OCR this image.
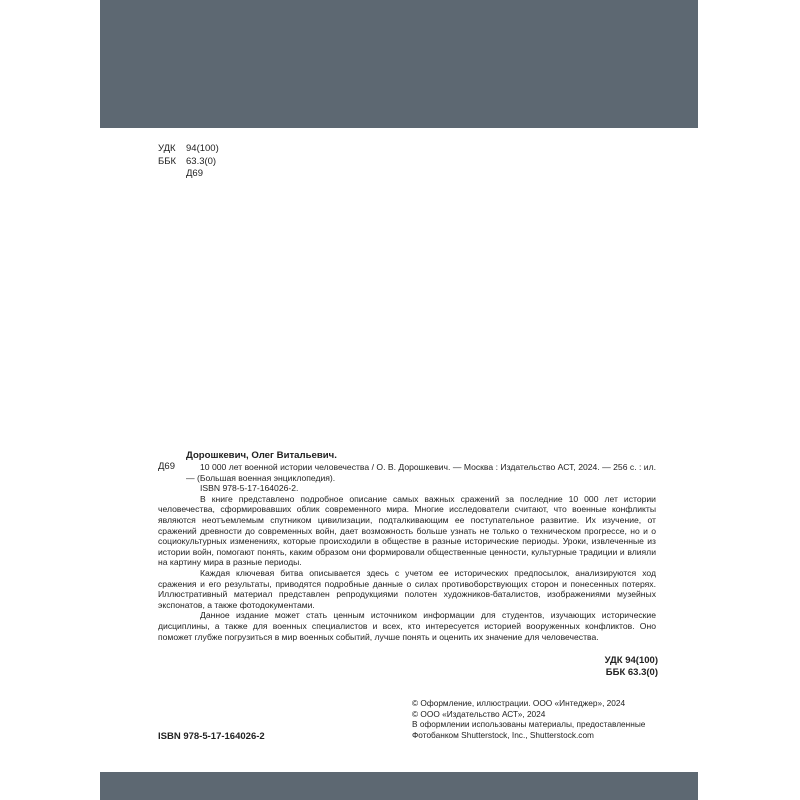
УДК	94(100)
ББК	63.3(0)
Д69
Дорошкевич, Олег Витальевич.
Д69	10 000 лет военной истории человечества / О. В. Дорошкевич. — Москва : Издательство АСТ, 2024. — 256 с. : ил. — (Большая военная энциклопедия).
ISBN 978-5-17-164026-2.
В книге представлено подробное описание самых важных сражений за последние 10 000 лет истории человечества, сформировавших облик современного мира. Многие исследователи считают, что военные конфликты являются неотъемлемым спутником цивилизации, подталкивающим ее поступательное развитие. Их изучение, от сражений древности до современных войн, дает возможность больше узнать не только о техническом прогрессе, но и о социокультурных изменениях, которые происходили в обществе в разные исторические периоды. Уроки, извлеченные из истории войн, помогают понять, каким образом они формировали общественные ценности, культурные традиции и влияли на картину мира в разные периоды.
Каждая ключевая битва описывается здесь с учетом ее исторических предпосылок, анализируются ход сражения и его результаты, приводятся подробные данные о силах противоборствующих сторон и понесенных потерях. Иллюстративный материал представлен репродукциями полотен художников-баталистов, изображениями музейных экспонатов, а также фотодокументами.
Данное издание может стать ценным источником информации для студентов, изучающих исторические дисциплины, а также для военных специалистов и всех, кто интересуется историей вооруженных конфликтов. Оно поможет глубже погрузиться в мир военных событий, лучше понять и оценить их значение для человечества.
УДК 94(100)
ББК 63.3(0)
© Оформление, иллюстрации. ООО «Интеджер», 2024
© ООО «Издательство АСТ», 2024
В оформлении использованы материалы, предоставленные
Фотобанком Shutterstock, Inc., Shutterstock.com
ISBN 978-5-17-164026-2
